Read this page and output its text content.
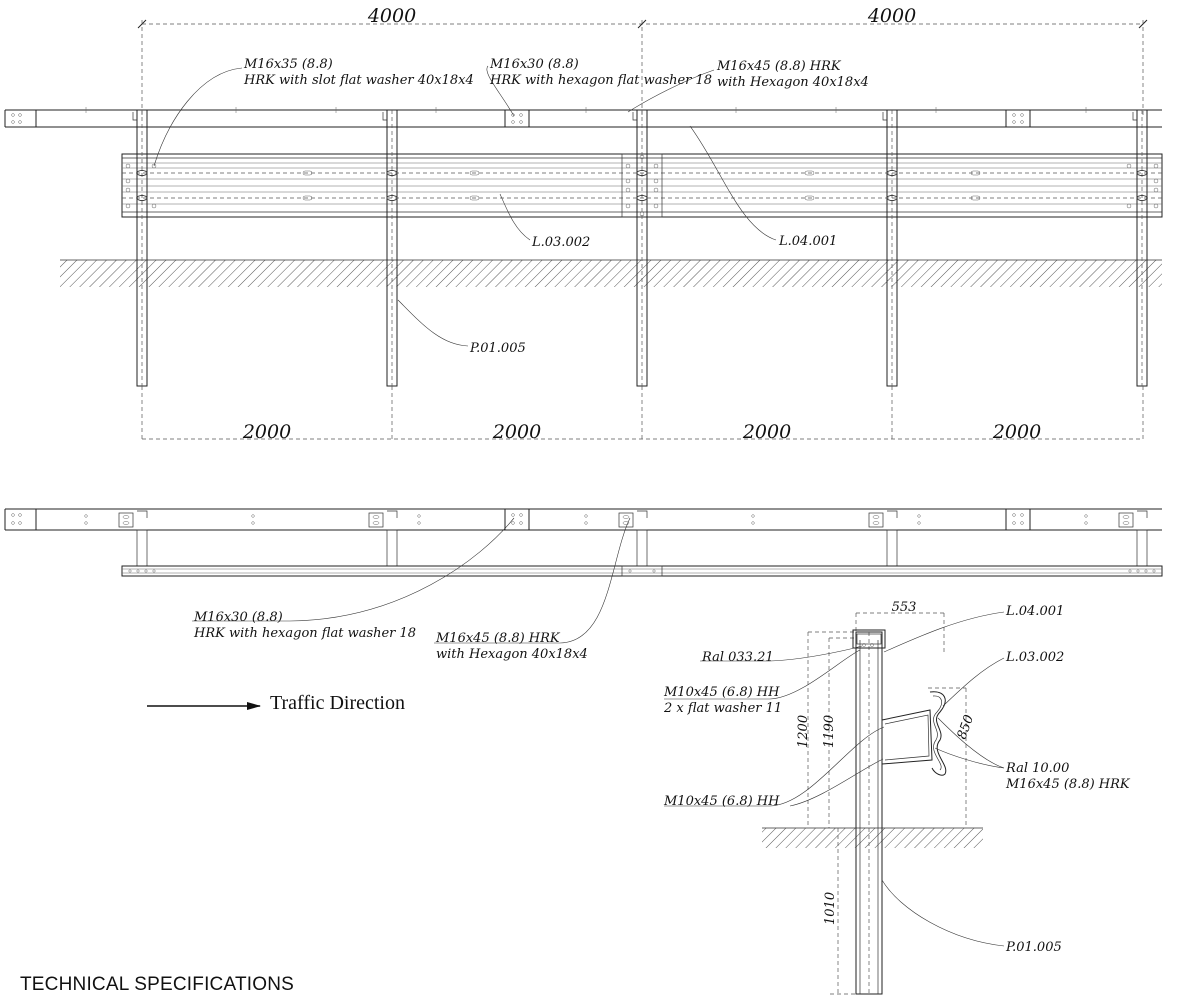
4000	4000
2000	2000	2000	2000
M16x35 (8.8)
HRK with slot flat washer 40x18x4
M16x30 (8.8)
HRK with hexagon flat washer 18
M16x45 (8.8) HRK
with Hexagon 40x18x4
L.03.002	L.04.001
P.01.005
M16x30 (8.8)
HRK with hexagon flat washer 18 M16x45 (8.8) HRK
with Hexagon 40x18x4
Traffic Direction
553
1200 1190	850
1010
L.04.001
L.03.002
Ral 033.21
M10x45 (6.8) HH
2 x flat washer 11
M10x45 (6.8) HH
Ral 10.00
M16x45 (8.8) HRK
P.01.005
TECHNICAL SPECIFICATIONS
